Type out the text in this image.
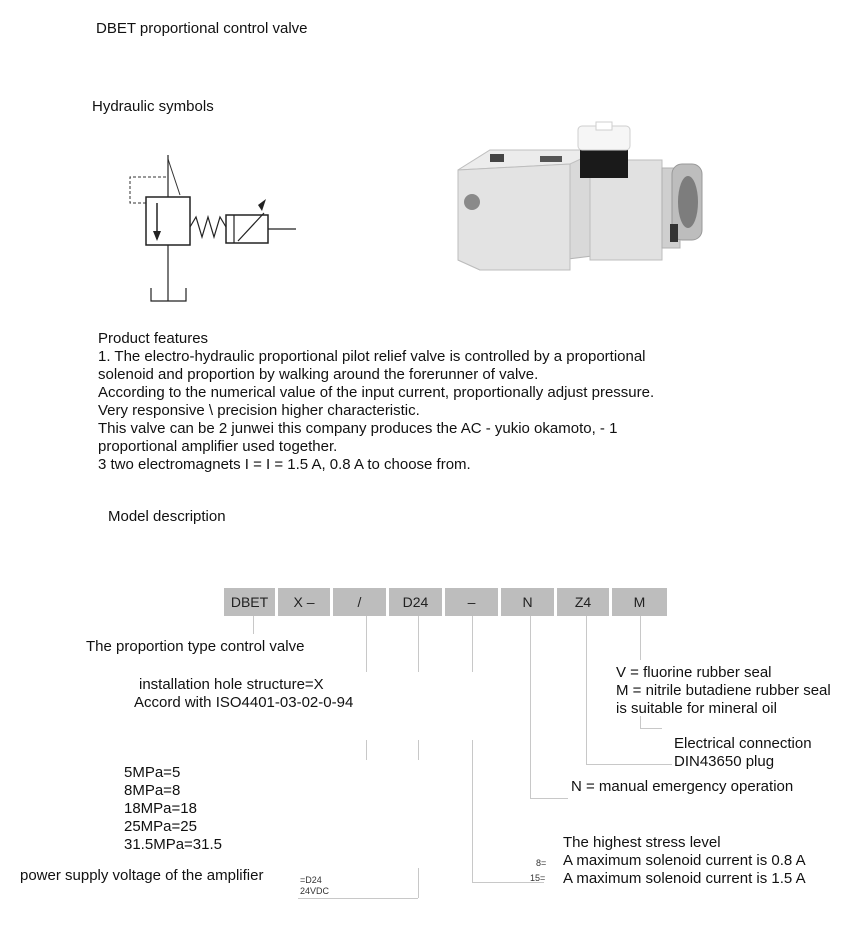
DBET proportional control valve
Hydraulic symbols
Product features
1. The electro-hydraulic proportional pilot relief valve is controlled by a proportional
solenoid and proportion by walking around the forerunner of valve.
According to the numerical value of the input current, proportionally adjust pressure.
Very responsive \ precision higher characteristic.
This valve can be 2 junwei this company produces the AC - yukio okamoto, - 1
proportional amplifier used together.
3 two electromagnets I = I = 1.5 A, 0.8 A to choose from.
Model description
DBET	X –	/	D24	–	N	Z4	M
The proportion type control valve
installation hole structure=X
Accord with ISO4401-03-02-0-94
V = fluorine rubber seal
M = nitrile butadiene rubber seal
is suitable for mineral oil
Electrical connection
DIN43650 plug
N = manual emergency operation
5MPa=5
8MPa=8
18MPa=18
25MPa=25
31.5MPa=31.5	The highest stress level
8= A maximum solenoid current is 0.8 A
15= A maximum solenoid current is 1.5 A
power supply voltage of the amplifier	=D24
24VDC
